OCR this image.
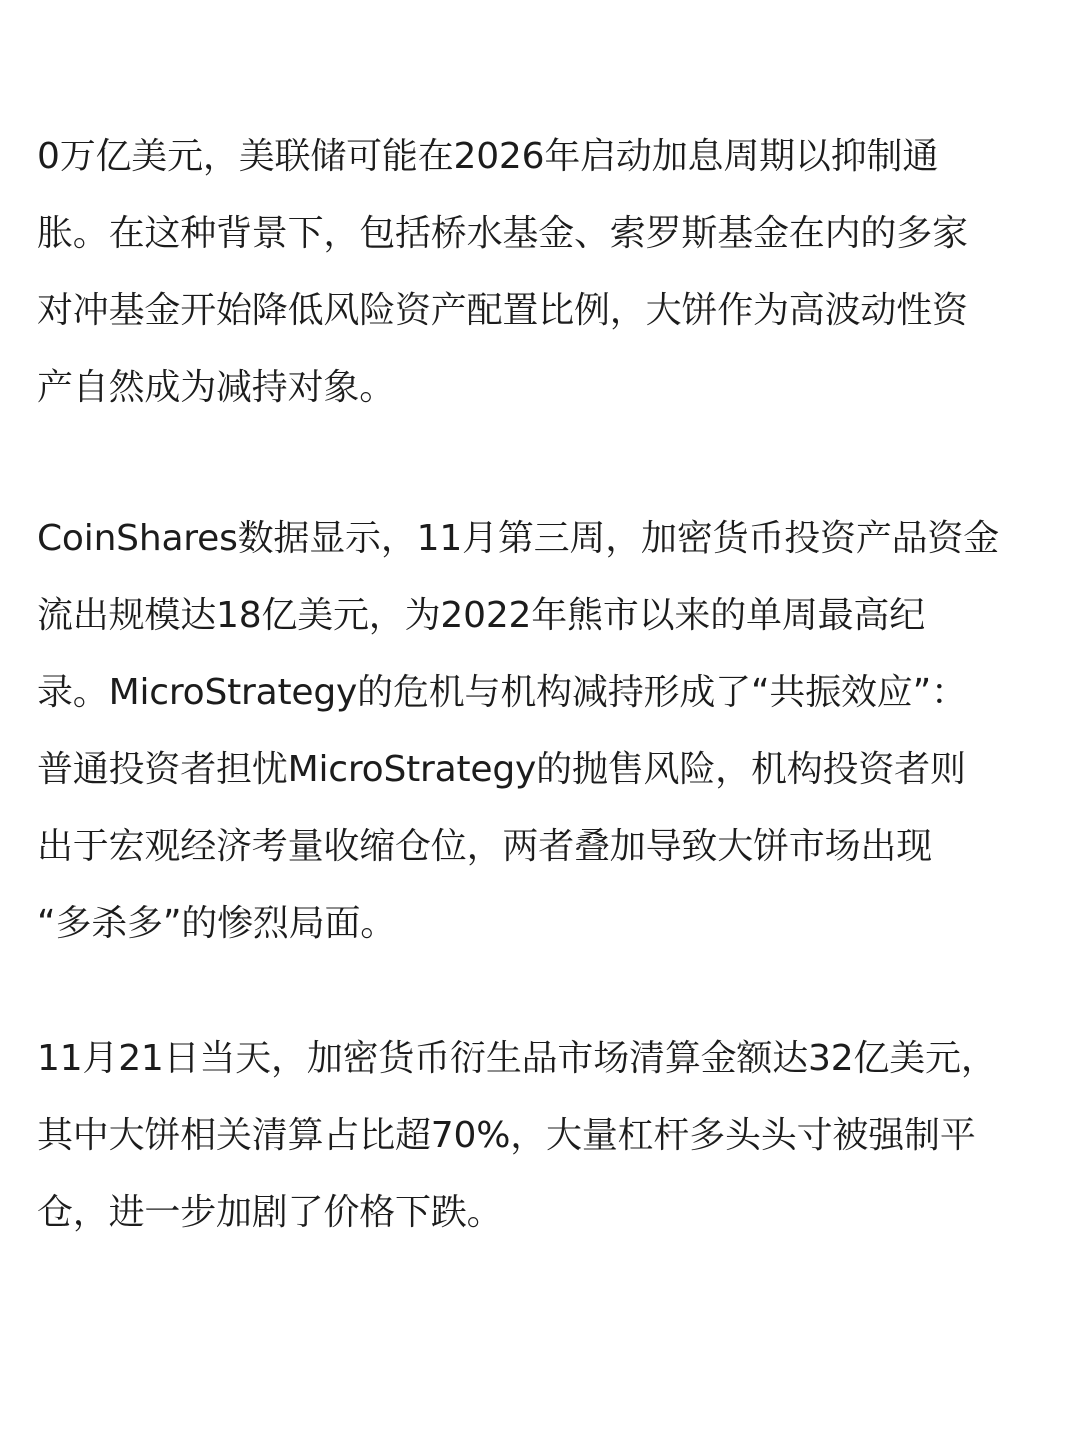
0万亿美元，美联储可能在2026年启动加息周期以抑制通
胀。在这种背景下，包括桥水基金、索罗斯基金在内的多家
对冲基金开始降低风险资产配置比例，大饼作为高波动性资
产自然成为减持对象。

CoinShares数据显示，11月第三周，加密货币投资产品资金
流出规模达18亿美元，为2022年熊市以来的单周最高纪
录。MicroStrategy的危机与机构减持形成了“共振效应”：
普通投资者担忧MicroStrategy的抛售风险，机构投资者则
出于宏观经济考量收缩仓位，两者叠加导致大饼市场出现
“多杀多”的惨烈局面。

11月21日当天，加密货币衍生品市场清算金额达32亿美元，
其中大饼相关清算占比超70%，大量杠杆多头头寸被强制平
仓，进一步加剧了价格下跌。
